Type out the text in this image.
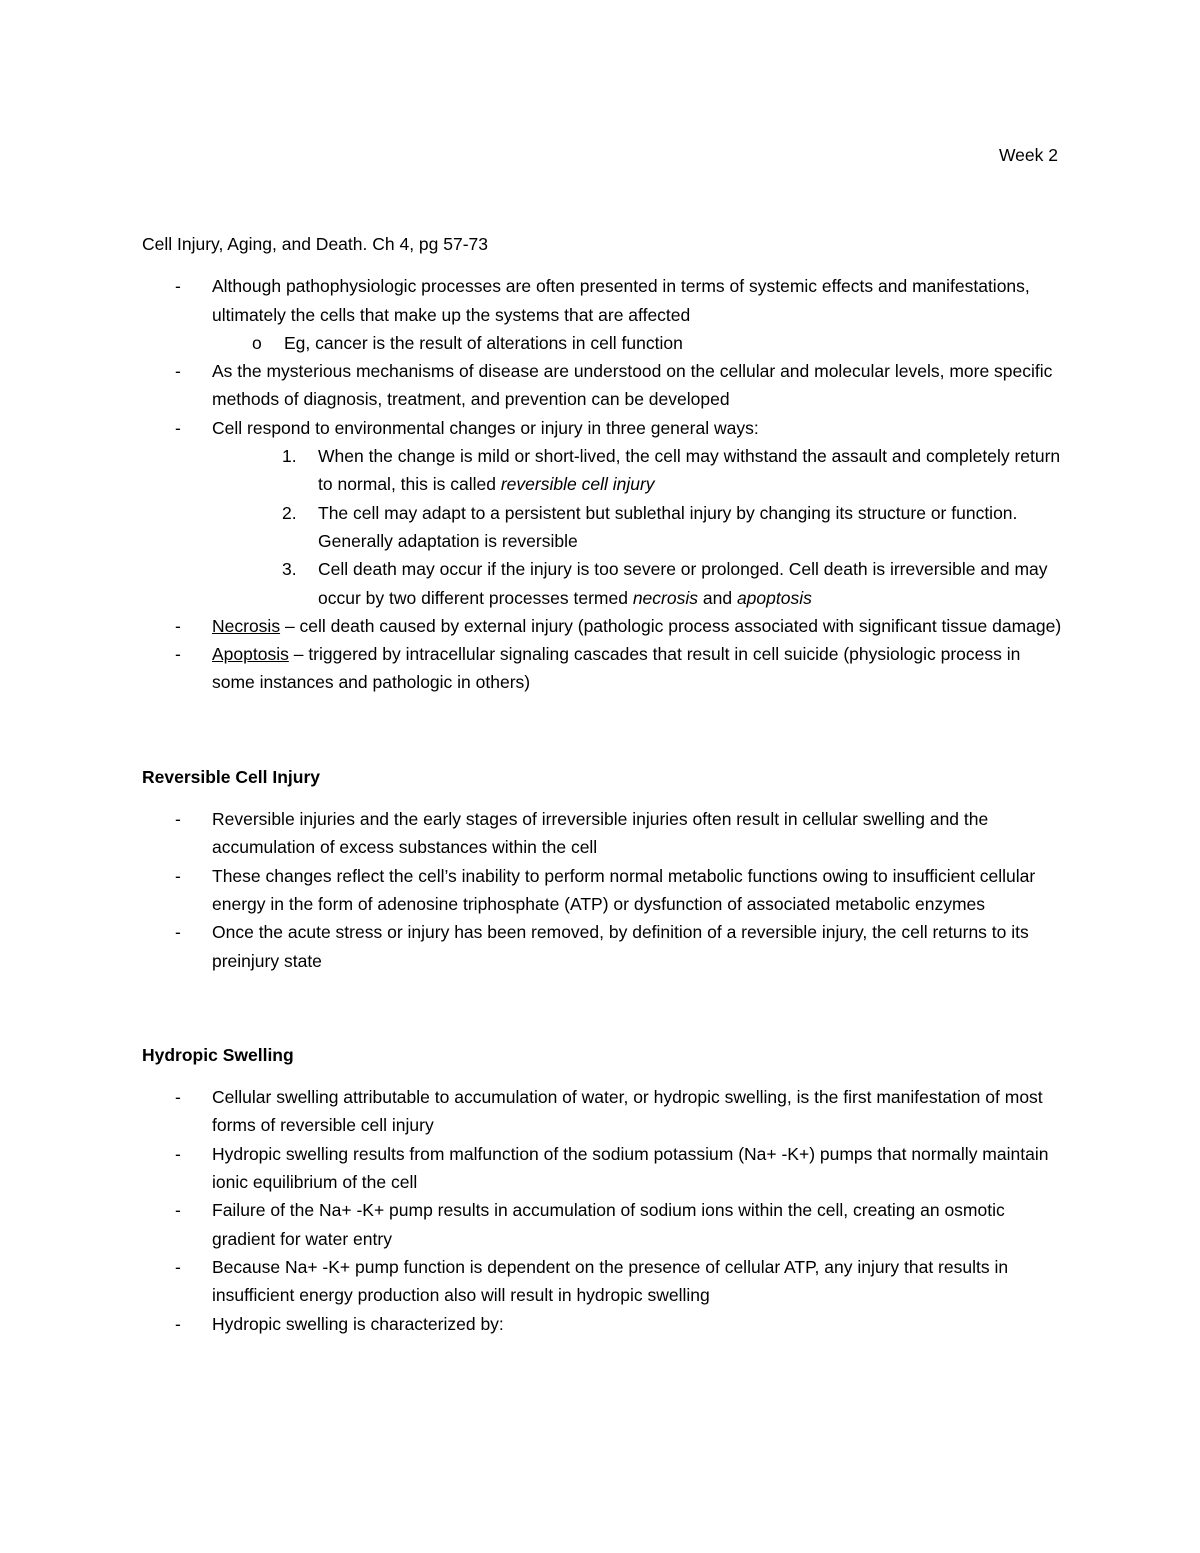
Week 2
Cell Injury, Aging, and Death. Ch 4, pg 57-73
- Although pathophysiologic processes are often presented in terms of systemic effects and manifestations, ultimately the cells that make up the systems that are affected
o Eg, cancer is the result of alterations in cell function
- As the mysterious mechanisms of disease are understood on the cellular and molecular levels, more specific methods of diagnosis, treatment, and prevention can be developed
- Cell respond to environmental changes or injury in three general ways:
1. When the change is mild or short-lived, the cell may withstand the assault and completely return to normal, this is called reversible cell injury
2. The cell may adapt to a persistent but sublethal injury by changing its structure or function. Generally adaptation is reversible
3. Cell death may occur if the injury is too severe or prolonged. Cell death is irreversible and may occur by two different processes termed necrosis and apoptosis
- Necrosis – cell death caused by external injury (pathologic process associated with significant tissue damage)
- Apoptosis – triggered by intracellular signaling cascades that result in cell suicide (physiologic process in some instances and pathologic in others)
Reversible Cell Injury
- Reversible injuries and the early stages of irreversible injuries often result in cellular swelling and the accumulation of excess substances within the cell
- These changes reflect the cell’s inability to perform normal metabolic functions owing to insufficient cellular energy in the form of adenosine triphosphate (ATP) or dysfunction of associated metabolic enzymes
- Once the acute stress or injury has been removed, by definition of a reversible injury, the cell returns to its preinjury state
Hydropic Swelling
- Cellular swelling attributable to accumulation of water, or hydropic swelling, is the first manifestation of most forms of reversible cell injury
- Hydropic swelling results from malfunction of the sodium potassium (Na+ -K+) pumps that normally maintain ionic equilibrium of the cell
- Failure of the Na+ -K+ pump results in accumulation of sodium ions within the cell, creating an osmotic gradient for water entry
- Because Na+ -K+ pump function is dependent on the presence of cellular ATP, any injury that results in insufficient energy production also will result in hydropic swelling
- Hydropic swelling is characterized by:
